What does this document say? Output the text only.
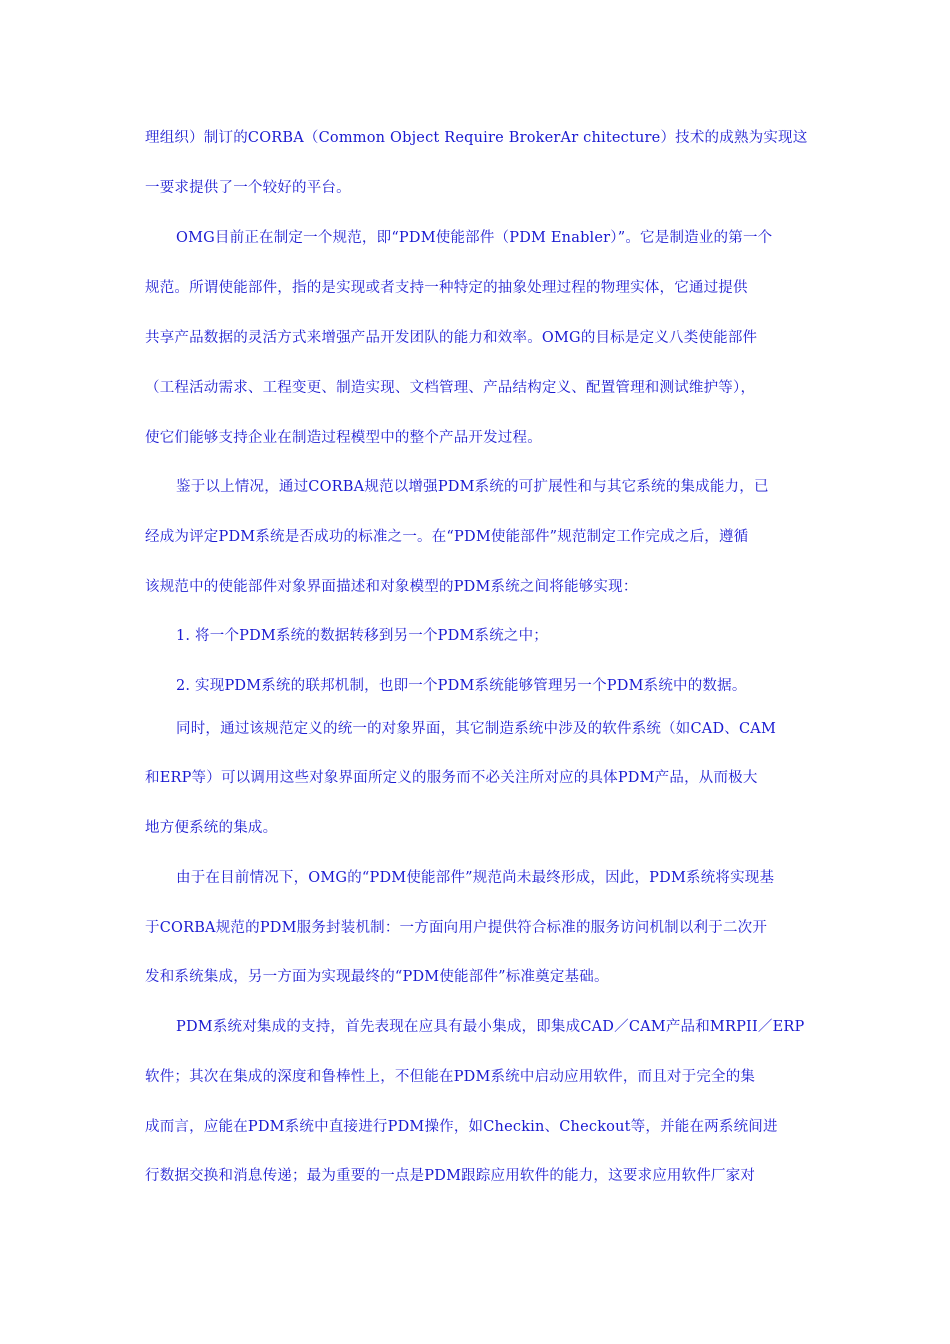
理组织）制订的CORBA（Common Object Require BrokerAr chitecture）技术的成熟为实现这
一要求提供了一个较好的平台。
OMG目前正在制定一个规范，即“PDM使能部件（PDM Enabler）”。它是制造业的第一个
规范。所谓使能部件，指的是实现或者支持一种特定的抽象处理过程的物理实体，它通过提供
共享产品数据的灵活方式来增强产品开发团队的能力和效率。OMG的目标是定义八类使能部件
（工程活动需求、工程变更、制造实现、文档管理、产品结构定义、配置管理和测试维护等），
使它们能够支持企业在制造过程模型中的整个产品开发过程。
鉴于以上情况，通过CORBA规范以增强PDM系统的可扩展性和与其它系统的集成能力，已
经成为评定PDM系统是否成功的标准之一。在“PDM使能部件”规范制定工作完成之后，遵循
该规范中的使能部件对象界面描述和对象模型的PDM系统之间将能够实现：
1. 将一个PDM系统的数据转移到另一个PDM系统之中；
2. 实现PDM系统的联邦机制，也即一个PDM系统能够管理另一个PDM系统中的数据。
同时，通过该规范定义的统一的对象界面，其它制造系统中涉及的软件系统（如CAD、CAM
和ERP等）可以调用这些对象界面所定义的服务而不必关注所对应的具体PDM产品，从而极大
地方便系统的集成。
由于在目前情况下，OMG的“PDM使能部件”规范尚未最终形成，因此，PDM系统将实现基
于CORBA规范的PDM服务封装机制：一方面向用户提供符合标准的服务访问机制以利于二次开
发和系统集成，另一方面为实现最终的“PDM使能部件”标准奠定基础。
PDM系统对集成的支持，首先表现在应具有最小集成，即集成CAD／CAM产品和MRPII／ERP
软件；其次在集成的深度和鲁棒性上，不但能在PDM系统中启动应用软件，而且对于完全的集
成而言，应能在PDM系统中直接进行PDM操作，如Checkin、Checkout等，并能在两系统间进
行数据交换和消息传递；最为重要的一点是PDM跟踪应用软件的能力，这要求应用软件厂家对
